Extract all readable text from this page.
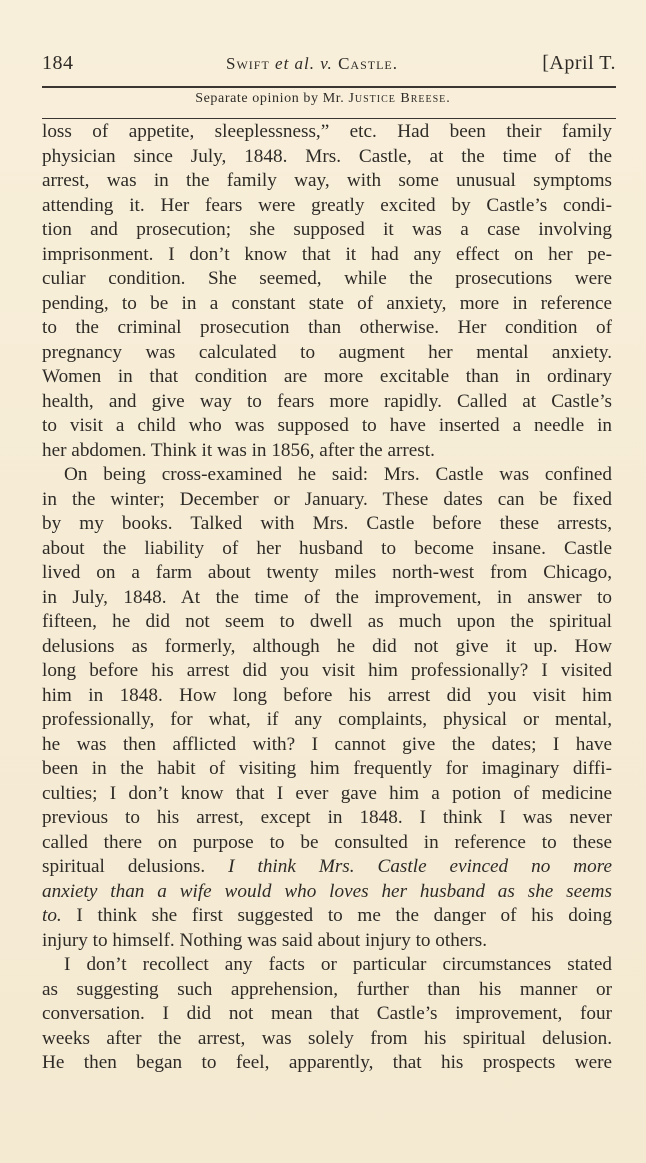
184	Swift et al. v. Castle.	[April T.
Separate opinion by Mr. Justice Breese.
loss of appetite, sleeplessness,” etc. Had been their family
physician since July, 1848. Mrs. Castle, at the time of the
arrest, was in the family way, with some unusual symptoms
attending it. Her fears were greatly excited by Castle’s condi-
tion and prosecution; she supposed it was a case involving
imprisonment. I don’t know that it had any effect on her pe-
culiar condition. She seemed, while the prosecutions were
pending, to be in a constant state of anxiety, more in reference
to the criminal prosecution than otherwise. Her condition of
pregnancy was calculated to augment her mental anxiety.
Women in that condition are more excitable than in ordinary
health, and give way to fears more rapidly. Called at Castle’s
to visit a child who was supposed to have inserted a needle in
her abdomen. Think it was in 1856, after the arrest.
On being cross-examined he said: Mrs. Castle was confined
in the winter; December or January. These dates can be fixed
by my books. Talked with Mrs. Castle before these arrests,
about the liability of her husband to become insane. Castle
lived on a farm about twenty miles north-west from Chicago,
in July, 1848. At the time of the improvement, in answer to
fifteen, he did not seem to dwell as much upon the spiritual
delusions as formerly, although he did not give it up. How
long before his arrest did you visit him professionally? I visited
him in 1848. How long before his arrest did you visit him
professionally, for what, if any complaints, physical or mental,
he was then afflicted with? I cannot give the dates; I have
been in the habit of visiting him frequently for imaginary diffi-
culties; I don’t know that I ever gave him a potion of medicine
previous to his arrest, except in 1848. I think I was never
called there on purpose to be consulted in reference to these
spiritual delusions. I think Mrs. Castle evinced no more
anxiety than a wife would who loves her husband as she seems
to. I think she first suggested to me the danger of his doing
injury to himself. Nothing was said about injury to others.
I don’t recollect any facts or particular circumstances stated
as suggesting such apprehension, further than his manner or
conversation. I did not mean that Castle’s improvement, four
weeks after the arrest, was solely from his spiritual delusion.
He then began to feel, apparently, that his prospects were
